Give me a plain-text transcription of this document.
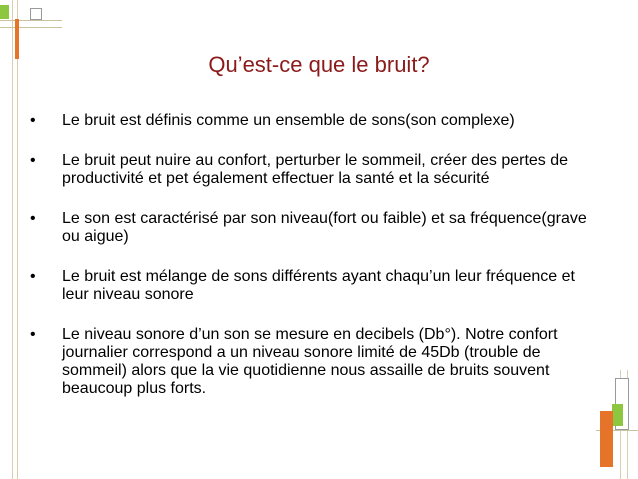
Qu’est-ce que le bruit?
• Le bruit est définis comme un ensemble de sons(son complexe)
• Le bruit peut nuire au confort, perturber le sommeil, créer des pertes de productivité et pet également effectuer la santé et la sécurité
• Le son est caractérisé par son niveau(fort ou faible) et sa fréquence(grave ou aigue)
• Le bruit est mélange de sons différents ayant chaqu’un leur fréquence et leur niveau sonore
• Le niveau sonore d’un son se mesure en decibels (Db°). Notre confort journalier correspond a un niveau sonore limité de 45Db (trouble de sommeil) alors que la vie quotidienne nous assaille de bruits souvent beaucoup plus forts.
